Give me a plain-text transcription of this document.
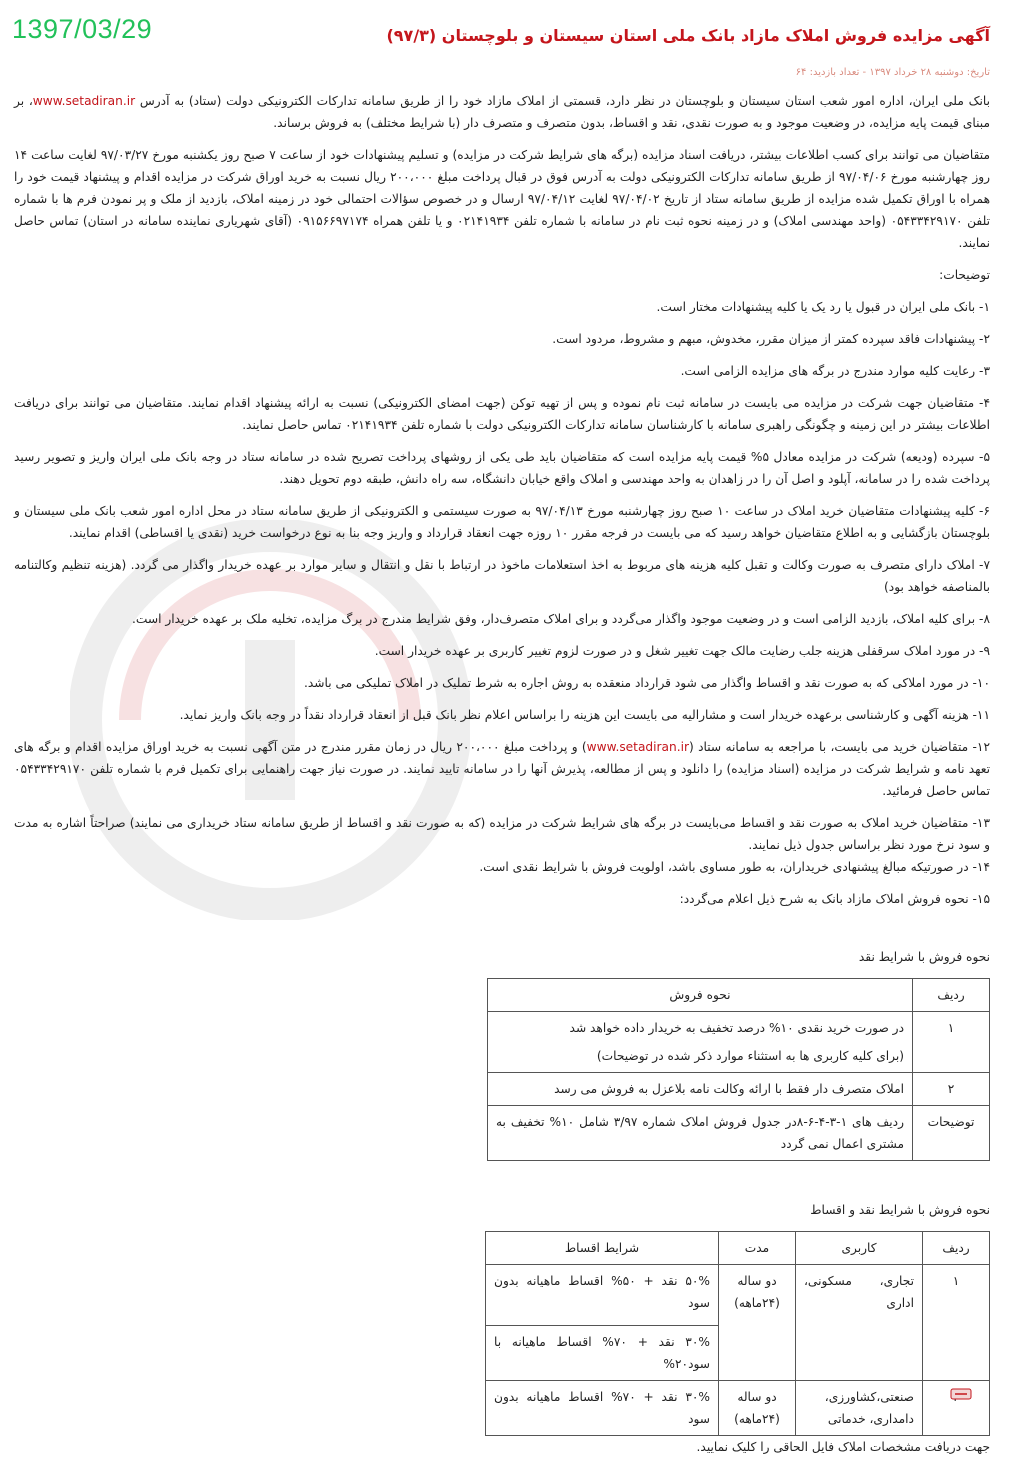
1397/03/29	آگهی مزایده فروش املاک مازاد بانک ملی استان سیستان و بلوچستان (۹۷/۳)
تاریخ: دوشنبه ۲۸ خرداد ۱۳۹۷ - تعداد بازدید: ۶۴

بانک ملی ایران، اداره امور شعب استان سیستان و بلوچستان در نظر دارد، قسمتی از املاک مازاد خود را از طریق سامانه تدارکات الکترونیکی دولت (ستاد) به آدرس www.setadiran.ir، بر مبنای قیمت پایه مزایده، در وضعیت موجود و به صورت نقدی، نقد و اقساط، بدون متصرف و متصرف دار (با شرایط مختلف) به فروش برساند.

متقاضیان می توانند برای کسب اطلاعات بیشتر، دریافت اسناد مزایده (برگه های شرایط شرکت در مزایده) و تسلیم پیشنهادات خود از ساعت ۷ صبح روز یکشنبه مورخ ۹۷/۰۳/۲۷ لغایت ساعت ۱۴ روز چهارشنبه مورخ ۹۷/۰۴/۰۶ از طریق سامانه تدارکات الکترونیکی دولت به آدرس فوق در قبال پرداخت مبلغ ۲۰۰،۰۰۰ ریال نسبت به خرید اوراق شرکت در مزایده اقدام و پیشنهاد قیمت خود را همراه با اوراق تکمیل شده مزایده از طریق سامانه ستاد از تاریخ ۹۷/۰۴/۰۲ لغایت ۹۷/۰۴/۱۲ ارسال و در خصوص سؤالات احتمالی خود در زمینه املاک، بازدید از ملک و پر نمودن فرم ها با شماره تلفن ۰۵۴۳۳۴۲۹۱۷۰ (واحد مهندسی املاک) و در زمینه نحوه ثبت نام در سامانه با شماره تلفن ۰۲۱۴۱۹۳۴ و یا تلفن همراه ۰۹۱۵۶۶۹۷۱۷۴ (آقای شهریاری نماینده سامانه در استان) تماس حاصل نمایند.

توضیحات:

۱- بانک ملی ایران در قبول یا رد یک یا کلیه پیشنهادات مختار است.

۲- پیشنهادات فاقد سپرده کمتر از میزان مقرر، مخدوش، مبهم و مشروط، مردود است.

۳- رعایت کلیه موارد مندرج در برگه های مزایده الزامی است.

۴- متقاضیان جهت شرکت در مزایده می بایست در سامانه ثبت نام نموده و پس از تهیه توکن (جهت امضای الکترونیکی) نسبت به ارائه پیشنهاد اقدام نمایند. متقاضیان می توانند برای دریافت اطلاعات بیشتر در این زمینه و چگونگی راهبری سامانه با کارشناسان سامانه تدارکات الکترونیکی دولت با شماره تلفن ۰۲۱۴۱۹۳۴ تماس حاصل نمایند.

۵- سپرده (ودیعه) شرکت در مزایده معادل ۵% قیمت پایه مزایده است که متقاضیان باید طی یکی از روشهای پرداخت تصریح شده در سامانه ستاد در وجه بانک ملی ایران واریز و تصویر رسید پرداخت شده را در سامانه، آپلود و اصل آن را در زاهدان به واحد مهندسی و املاک واقع خیابان دانشگاه، سه راه دانش، طبقه دوم تحویل دهند.

۶- کلیه پیشنهادات متقاضیان خرید املاک در ساعت ۱۰ صبح روز چهارشنبه مورخ ۹۷/۰۴/۱۳ به صورت سیستمی و الکترونیکی از طریق سامانه ستاد در محل اداره امور شعب بانک ملی سیستان و بلوچستان بازگشایی و به اطلاع متقاضیان خواهد رسید که می بایست در فرجه مقرر ۱۰ روزه جهت انعقاد قرارداد و واریز وجه بنا به نوع درخواست خرید (نقدی یا اقساطی) اقدام نمایند.

۷- املاک دارای متصرف به صورت وکالت و تقبل کلیه هزینه های مربوط به اخذ استعلامات ماخوذ در ارتباط با نقل و انتقال و سایر موارد بر عهده خریدار واگذار می گردد. (هزینه تنظیم وکالتنامه بالمناصفه خواهد بود)

۸- برای کلیه املاک، بازدید الزامی است و در وضعیت موجود واگذار می‌گردد و برای املاک متصرف‌دار، وفق شرایط مندرج در برگ مزایده، تخلیه ملک بر عهده خریدار است.

۹- در مورد املاک سرقفلی هزینه جلب رضایت مالک جهت تغییر شغل و در صورت لزوم تغییر کاربری بر عهده خریدار است.

۱۰- در مورد املاکی که به صورت نقد و اقساط واگذار می شود قرارداد منعقده به روش اجاره به شرط تملیک در املاک تملیکی می باشد.

۱۱- هزینه آگهی و کارشناسی برعهده خریدار است و مشارالیه می بایست این هزینه را براساس اعلام نظر بانک قبل از انعقاد قرارداد نقداً در وجه بانک واریز نماید.

۱۲- متقاضیان خرید می بایست، با مراجعه به سامانه ستاد (www.setadiran.ir) و پرداخت مبلغ ۲۰۰،۰۰۰ ریال در زمان مقرر مندرج در متن آگهی نسبت به خرید اوراق مزایده اقدام و برگه های تعهد نامه و شرایط شرکت در مزایده (اسناد مزایده) را دانلود و پس از مطالعه، پذیرش آنها را در سامانه تایید نمایند. در صورت نیاز جهت راهنمایی برای تکمیل فرم با شماره تلفن ۰۵۴۳۳۴۲۹۱۷۰ تماس حاصل فرمائید.

۱۳- متقاضیان خرید املاک به صورت نقد و اقساط می‌بایست در برگه های شرایط شرکت در مزایده (که به صورت نقد و اقساط از طریق سامانه ستاد خریداری می نمایند) صراحتاً اشاره به مدت و سود نرخ مورد نظر براساس جدول ذیل نمایند.

۱۴- در صورتیکه مبالغ پیشنهادی خریداران، به طور مساوی باشد، اولویت فروش با شرایط نقدی است.

۱۵- نحوه فروش املاک مازاد بانک به شرح ذیل اعلام می‌گردد:

نحوه فروش با شرایط نقد

ردیف	نحوه فروش
۱	در صورت خرید نقدی ۱۰% درصد تخفیف به خریدار داده خواهد شد
(برای کلیه کاربری ها به استثناء موارد ذکر شده در توضیحات)

۲	املاک متصرف دار فقط با ارائه وکالت نامه بلاعزل به فروش می رسد
توضیحات	ردیف های ۱-۳-۴-۶-۸در جدول فروش املاک شماره ۳/۹۷ شامل ۱۰% تخفیف به مشتری اعمال نمی گردد

نحوه فروش با شرایط نقد و اقساط

ردیف	کاربری	مدت	شرایط اقساط
۱	تجاری، مسکونی، اداری	دو ساله (۲۴ماهه)	۵۰% نقد + ۵۰% اقساط ماهیانه بدون سود
			۳۰% نقد + ۷۰% اقساط ماهیانه با سود۲۰%
	صنعتی،کشاورزی، دامداری، خدماتی	دو ساله (۲۴ماهه)	۳۰% نقد + ۷۰% اقساط ماهیانه بدون سود

جهت دریافت مشخصات املاک فایل الحاقی را کلیک نمایید.
